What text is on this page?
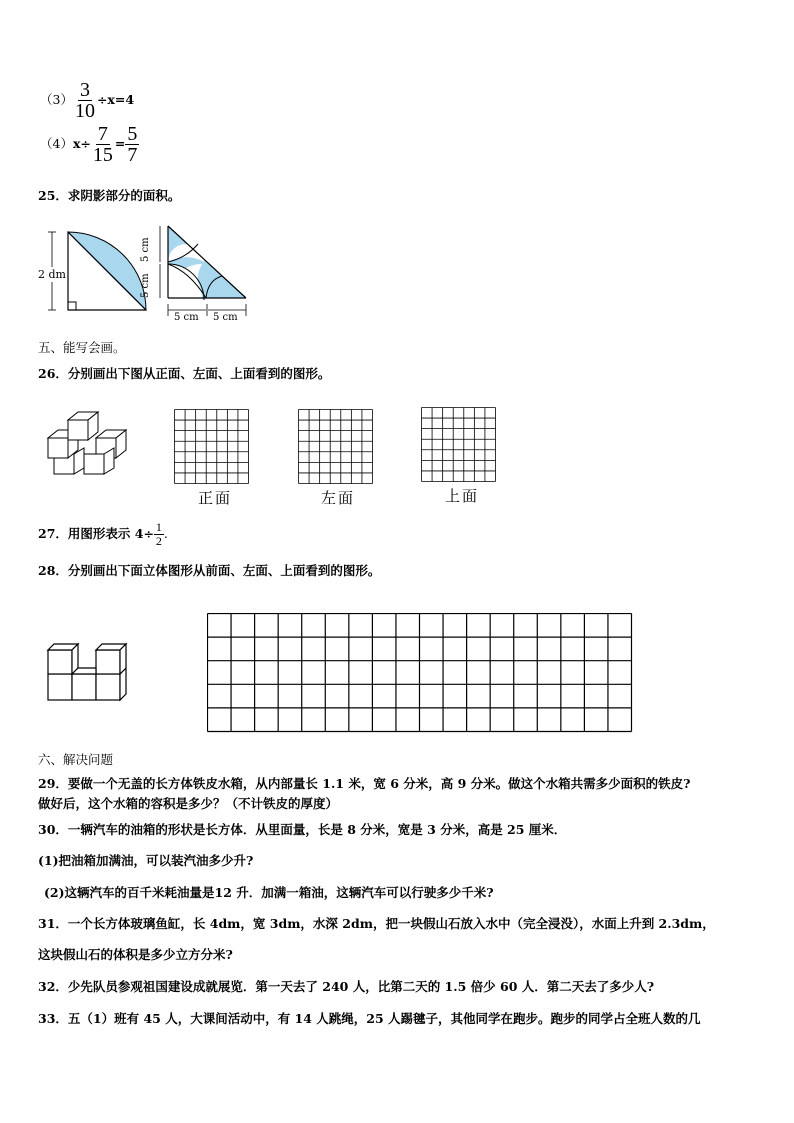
$(3) \frac{3}{10} \div x=4$
$(4)x\div \frac{7}{15} = \frac{5}{7}$
25．求阴影部分的面积。
2 dm
5 cm
5 cm
5 cm 5 cm
五、能写会画。
26．分别画出下图从正面、左面、上面看到的图形。
正面	左面	上面
27．用图形表示 $4\div \frac{1}{2}$ .
28．分别画出下面立体图形从前面、左面、上面看到的图形。
六、解决问题
29．要做一个无盖的长方体铁皮水箱，从内部量长 1.1 米，宽 6 分米，高 9 分米。做这个水箱共需多少面积的铁皮?
做好后，这个水箱的容积是多少？（不计铁皮的厚度）
30．一辆汽车的油箱的形状是长方体．从里面量，长是 8 分米，宽是 3 分米，高是 25 厘米．
(1)把油箱加满油，可以装汽油多少升?
(2)这辆汽车的百千米耗油量是12 升．加满一箱油，这辆汽车可以行驶多少千米?
31．一个长方体玻璃鱼缸，长 4dm，宽 3dm，水深 2dm，把一块假山石放入水中（完全浸没），水面上升到 2.3dm，
这块假山石的体积是多少立方分米?
32．少先队员参观祖国建设成就展览．第一天去了 240 人，比第二天的 1.5 倍少 60 人．第二天去了多少人?
33．五（1）班有 45 人，大课间活动中，有 14 人跳绳，25 人踢毽子，其他同学在跑步。跑步的同学占全班人数的几
